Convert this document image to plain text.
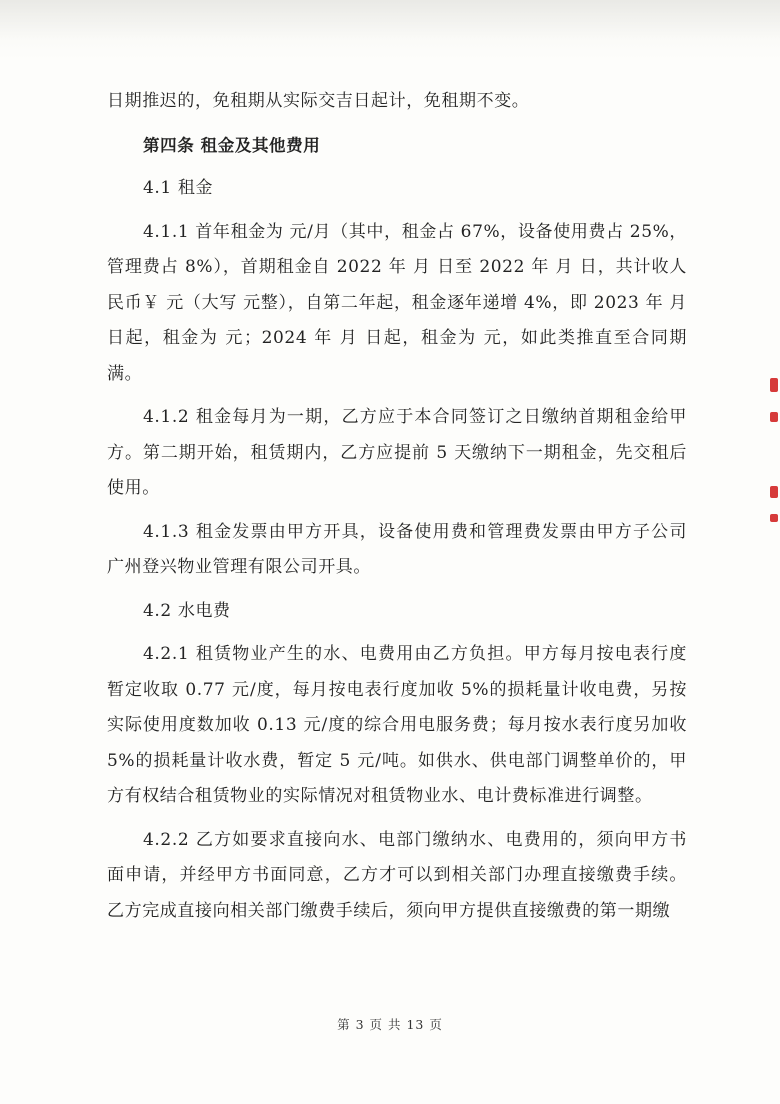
日期推迟的，免租期从实际交吉日起计，免租期不变。

第四条 租金及其他费用

4.1 租金

4.1.1 首年租金为 元/月（其中，租金占 67%，设备使用费占 25%，管理费占 8%），首期租金自 2022 年 月 日至 2022 年 月 日，共计收人民币￥ 元（大写 元整），自第二年起，租金逐年递增 4%，即 2023 年 月 日起，租金为 元；2024 年 月 日起，租金为 元，如此类推直至合同期满。

4.1.2 租金每月为一期，乙方应于本合同签订之日缴纳首期租金给甲方。第二期开始，租赁期内，乙方应提前 5 天缴纳下一期租金，先交租后使用。

4.1.3 租金发票由甲方开具，设备使用费和管理费发票由甲方子公司广州登兴物业管理有限公司开具。

4.2 水电费

4.2.1 租赁物业产生的水、电费用由乙方负担。甲方每月按电表行度暂定收取 0.77 元/度，每月按电表行度加收 5%的损耗量计收电费，另按实际使用度数加收 0.13 元/度的综合用电服务费；每月按水表行度另加收 5%的损耗量计收水费，暂定 5 元/吨。如供水、供电部门调整单价的，甲方有权结合租赁物业的实际情况对租赁物业水、电计费标准进行调整。

4.2.2 乙方如要求直接向水、电部门缴纳水、电费用的，须向甲方书面申请，并经甲方书面同意，乙方才可以到相关部门办理直接缴费手续。乙方完成直接向相关部门缴费手续后，须向甲方提供直接缴费的第一期缴

第 3 页 共 13 页
